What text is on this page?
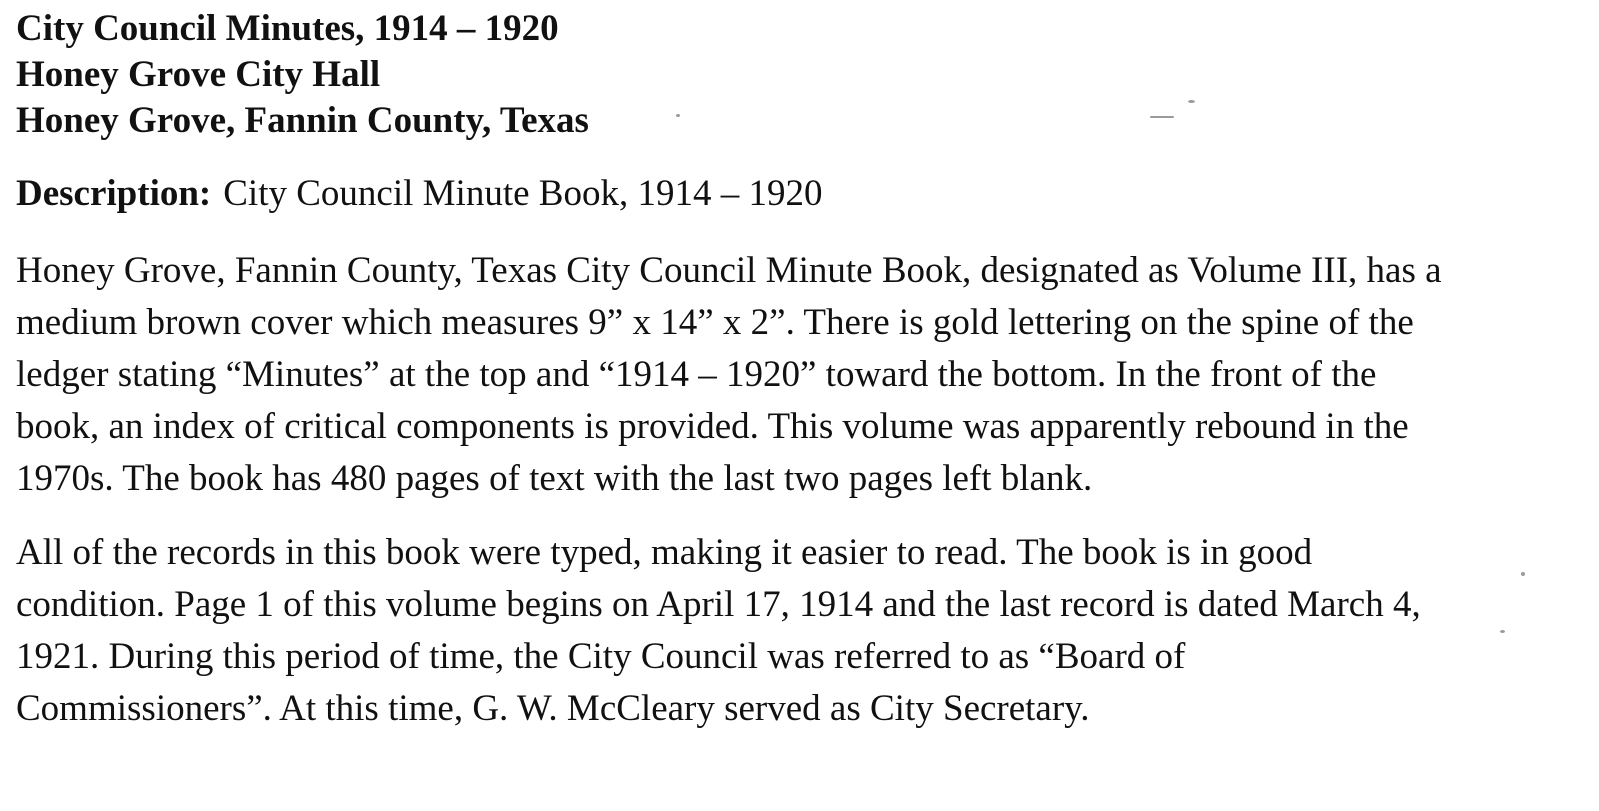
City Council Minutes, 1914 – 1920
Honey Grove City Hall
Honey Grove, Fannin County, Texas
Description: City Council Minute Book, 1914 – 1920

Honey Grove, Fannin County, Texas City Council Minute Book, designated as Volume III, has a
medium brown cover which measures 9” x 14” x 2”. There is gold lettering on the spine of the
ledger stating “Minutes” at the top and “1914 – 1920” toward the bottom. In the front of the
book, an index of critical components is provided. This volume was apparently rebound in the
1970s. The book has 480 pages of text with the last two pages left blank.

All of the records in this book were typed, making it easier to read. The book is in good
condition. Page 1 of this volume begins on April 17, 1914 and the last record is dated March 4,
1921. During this period of time, the City Council was referred to as “Board of
Commissioners”. At this time, G. W. McCleary served as City Secretary.
